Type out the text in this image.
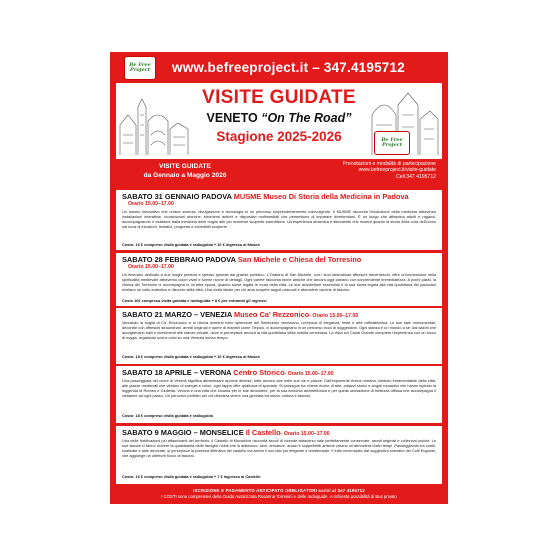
Be Free
Project	www.befreeproject.it – 347.4195712
VISITE GUIDATE
VENETO “On The Road”
Stagione 2025-2026	Be Free
Project
VISITE GUIDATE
da Gennaio a Maggio 2026
Prenotazioni e modalità di partecipazione
www.befreeproject.it/visite-guidate
Cell.347 4195712
SABATO 31 GENNAIO PADOVA MUSME Museo Di Storia della Medicina in Padova
Orario 15.00–17.00
Un museo innovativo che unisce scienza, divulgazione e tecnologia in un percorso sorprendentemente coinvolgente. Il MUSME racconta l'evoluzione della medicina attraverso installazioni interattive, ricostruzioni storiche, strumenti antichi e dispositivi multimediali che permettono di imparare divertendosi. È un luogo che affascina adulti e ragazzi, accompagnando il visitatore dalla medicina delle origini alle più moderne scoperte scientifiche. Un'esperienza dinamica e stimolante che mostra quanto la storia della cura dell'uomo sia ricca di intuizioni, tentativi, progressi e incredibili scoperte.
Costo: 16 € compreso visita guidata e radioguida + 10 € ingresso al Museo
SABATO 28 FEBBRAIO PADOVA San Michele e Chiesa del Torresino
Orario 15.00–17.00
Un itinerario dedicato a due luoghi preziosi e spesso ignorati dal grande pubblico. L'Oratorio di San Michele, con i suoi straordinari affreschi trecenteschi, offre un'immersione nella spiritualità medievale attraverso colori vividi e scene ricche di dettagli. Ogni parete racconta storie antiche che ancora oggi parlano con sorprendente immediatezza. A pochi passi, la chiesa del Torresino ci accompagna in un'altra epoca, quando sorse legata le mura della città. Le sue architetture essenziali e la sua storia legata alla vita quotidiana dei padovani rivelano un volto autentico e discreto della città. Una visita ideale per chi ama scoprire angoli nascosti e atmosfere cariche di fascino.
Costo 16€ compreso visita guidata e radioguida + 8 € per entrambi gli ingressi
SABATO 21 MARZO – VENEZIA Museo Ca' Rezzonico- Orario 15.00–17.00
Varcando la soglia di Ca' Rezzonico ci si ritrova immersi nello splendore del Settecento veneziano, un'epoca di eleganza, feste e arte raffinatissima. Le sue sale monumentali, decorate con affreschi straordinari, arredi originali e opere di maestri come Tiepolo, ci accompagnano in un percorso ricco di suggestioni. Ogni stanza è un mondo a sé: dai saloni che accoglievano balli e ricevimenti alle stanze private, dove si percepisce ancora la vita quotidiana della nobiltà veneziana. La vista sul Canal Grande completa l'esperienza con un tocco di magia, regalando scorci unici su una Venezia senza tempo.
Costo: 18 € compreso visita guidata e radioguida + 10 € ingresso al Museo
SABATO 18 APRILE – VERONA Centro Storico- Orario 15.00–17.00
Una passeggiata nel cuore di Verona significa attraversare epoche diverse, tutte ancora vive nelle sue vie e piazze. Dall'imponente Arena romana, simbolo intramontabile della città, alle piazze medievali che vibrano di energia e colori, ogni tappa offre qualcosa di speciale. Si prosegue tra chiese ricche di arte, palazzi storici e angoli romantici che hanno ispirato la leggenda di Romeo e Giulietta. Verona è una città che incanta per le sue atmosfere, per la sua armonia architettonica e per quella sensazione di bellezza diffusa che accompagna il visitatore ad ogni passo. Un percorso perfetto per chi desidera vivere una giornata tra storia, cultura e fascino.
Costo: 18 € compreso visita guidata e radioguida
SABATO 9 MAGGIO – MONSELICE Il Castello- Orario 15.00–17.00
Una delle fortificazioni più affascinanti del territorio, il Castello di Monselice racconta secoli di vicende attraverso sale perfettamente conservate, arredi originali e collezioni uniche. Le sue stanze ci fanno rivivere la quotidianità delle famiglie nobili che lo abitarono: armi, armature, arazzi e suppellettili antiche creano un'atmosfera d'altri tempi. Passeggiando tra cortili, scalinate e sale decorate, si percepisce la potenza difensiva del castello ma anche il suo lato più elegante e residenziale. Il tutto incorniciato dal suggestivo scenario dei Colli Euganei, che aggiunge un ulteriore tocco di fascino.
Costo: 16 € compreso visita guidata e radioguida + 7 € ingresso al Castello
ISCRIZIONE E PAGAMENTO ANTICIPATO OBBLIGATORI scrivi al 347 4195712
I COSTI sono comprensivi della Guida Autorizzata Rosanna Torresini e delle radioguide. A richiesta possibilità di Bus privato
